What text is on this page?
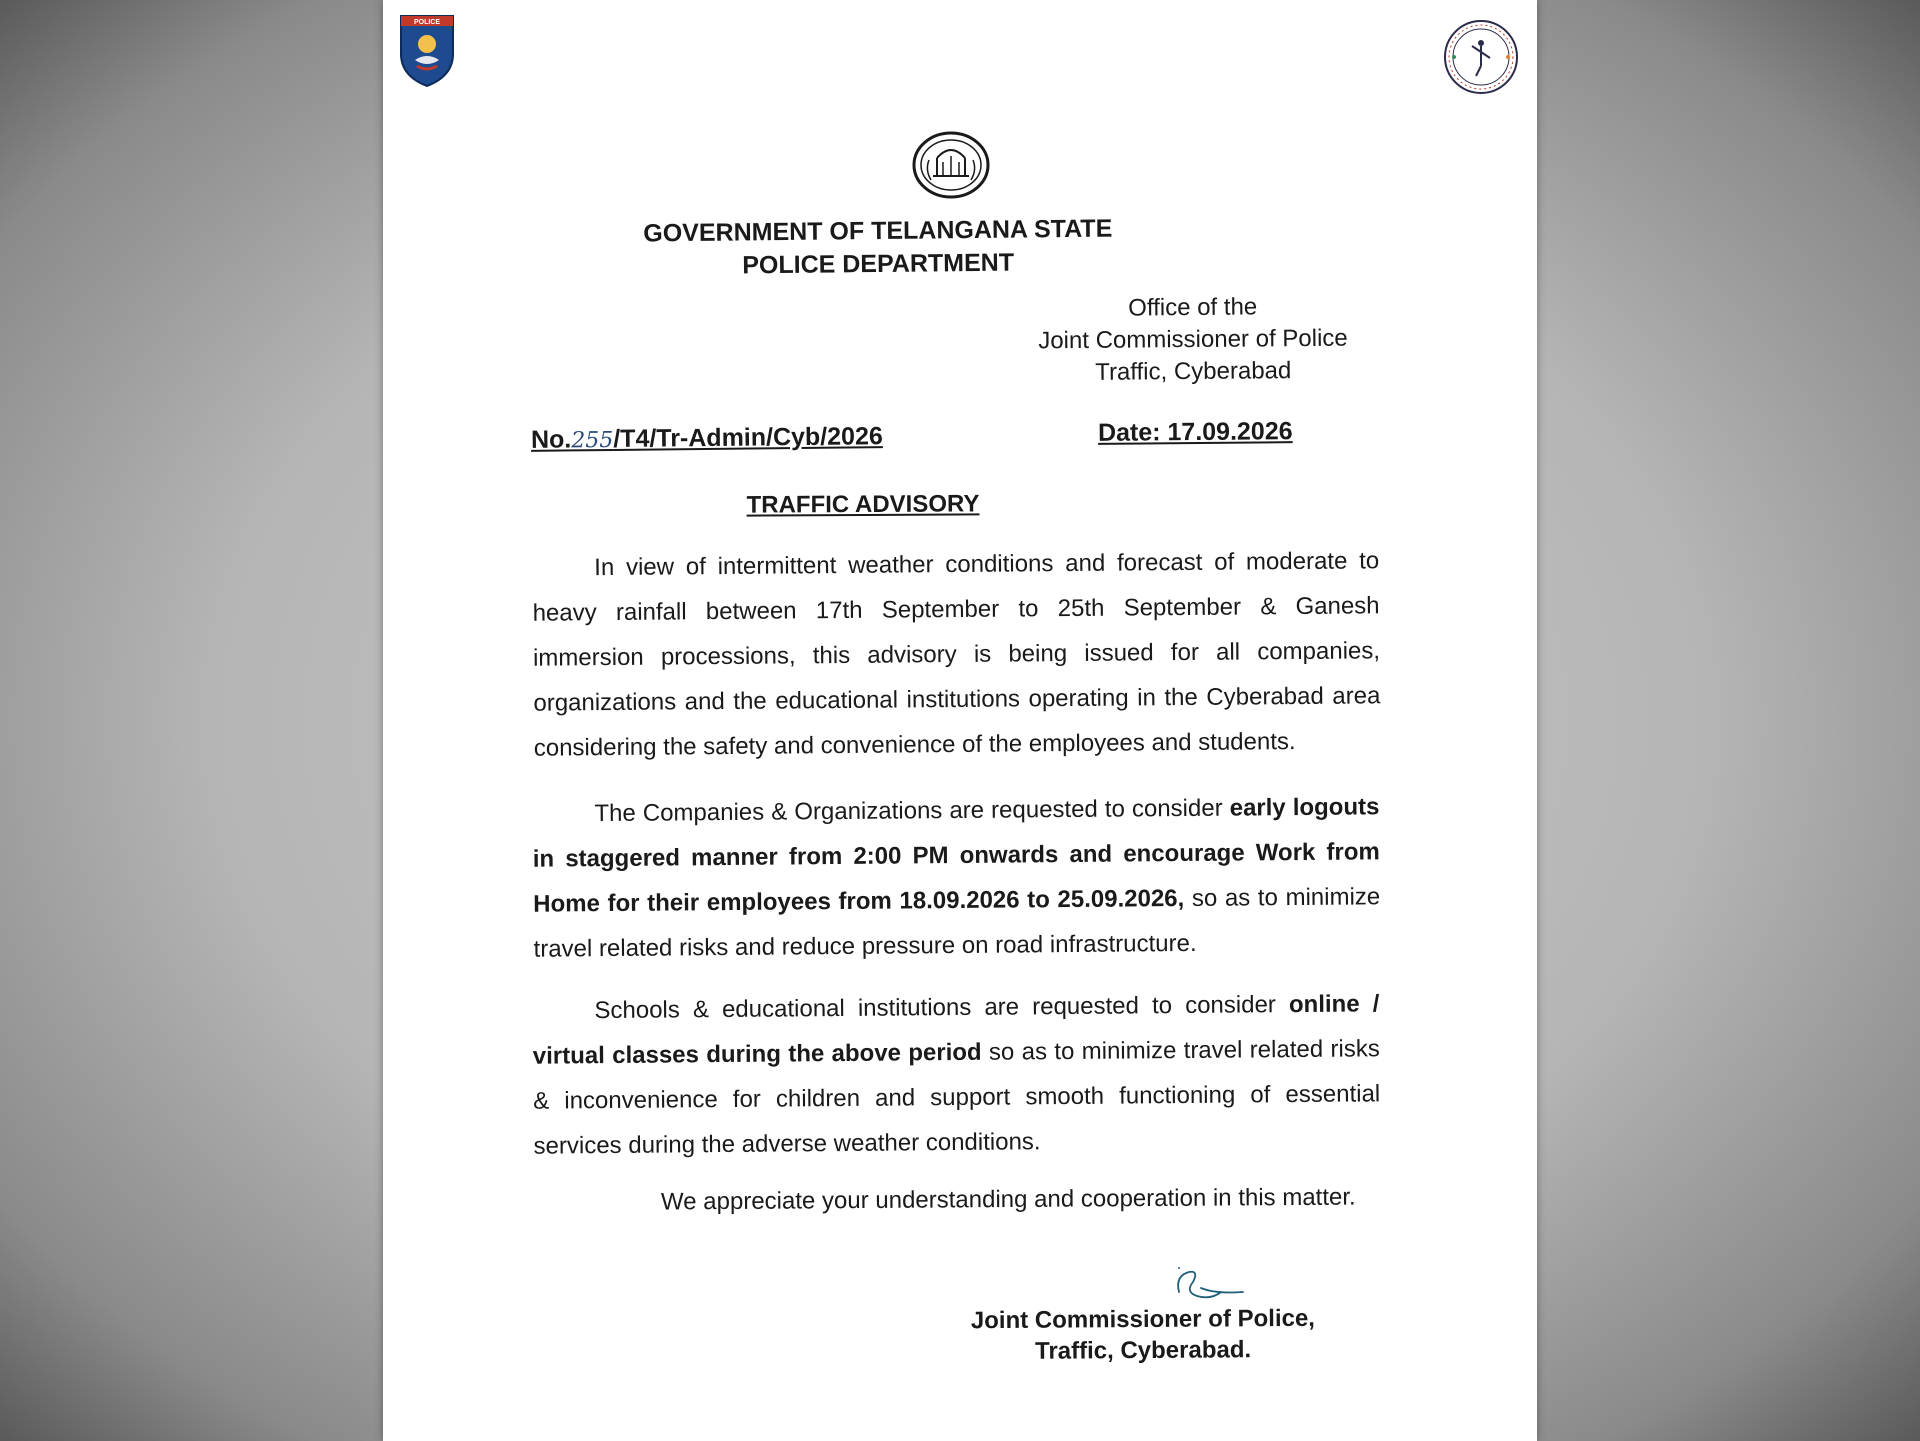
POLICE

GOVERNMENT OF TELANGANA STATE
POLICE DEPARTMENT

Office of the
Joint Commissioner of Police
Traffic, Cyberabad

No.255/T4/Tr-Admin/Cyb/2026	Date: 17.09.2026

TRAFFIC ADVISORY

In view of intermittent weather conditions and forecast of moderate to heavy rainfall between 17th September to 25th September & Ganesh immersion processions, this advisory is being issued for all companies, organizations and the educational institutions operating in the Cyberabad area considering the safety and convenience of the employees and students.

The Companies & Organizations are requested to consider early logouts in staggered manner from 2:00 PM onwards and encourage Work from Home for their employees from 18.09.2026 to 25.09.2026, so as to minimize travel related risks and reduce pressure on road infrastructure.

Schools & educational institutions are requested to consider online / virtual classes during the above period so as to minimize travel related risks & inconvenience for children and support smooth functioning of essential services during the adverse weather conditions.

We appreciate your understanding and cooperation in this matter.

Joint Commissioner of Police,
Traffic, Cyberabad.
